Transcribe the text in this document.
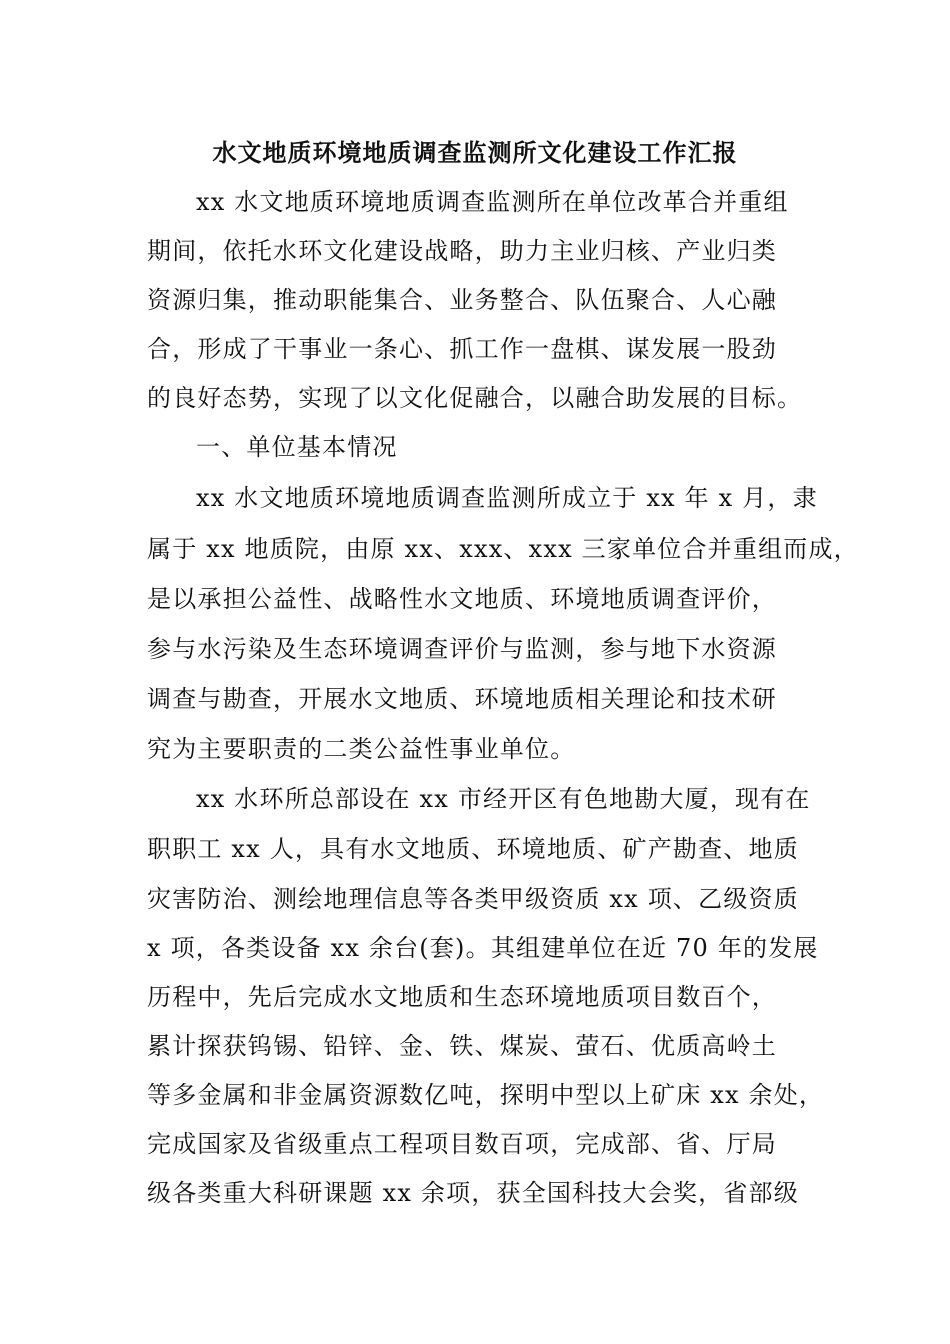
水文地质环境地质调查监测所文化建设工作汇报
xx 水文地质环境地质调查监测所在单位改革合并重组
期间，依托水环文化建设战略，助力主业归核、产业归类
资源归集，推动职能集合、业务整合、队伍聚合、人心融
合，形成了干事业一条心、抓工作一盘棋、谋发展一股劲
的良好态势，实现了以文化促融合，以融合助发展的目标。
一、单位基本情况
xx 水文地质环境地质调查监测所成立于 xx 年 x 月，隶
属于 xx 地质院，由原 xx、xxx、xxx 三家单位合并重组而成，
是以承担公益性、战略性水文地质、环境地质调查评价，
参与水污染及生态环境调查评价与监测，参与地下水资源
调查与勘查，开展水文地质、环境地质相关理论和技术研
究为主要职责的二类公益性事业单位。
xx 水环所总部设在 xx 市经开区有色地勘大厦，现有在
职职工 xx 人，具有水文地质、环境地质、矿产勘查、地质
灾害防治、测绘地理信息等各类甲级资质 xx 项、乙级资质
x 项，各类设备 xx 余台(套)。其组建单位在近 70 年的发展
历程中，先后完成水文地质和生态环境地质项目数百个，
累计探获钨锡、铅锌、金、铁、煤炭、萤石、优质高岭土
等多金属和非金属资源数亿吨，探明中型以上矿床 xx 余处，
完成国家及省级重点工程项目数百项，完成部、省、厅局
级各类重大科研课题 xx 余项，获全国科技大会奖，省部级
